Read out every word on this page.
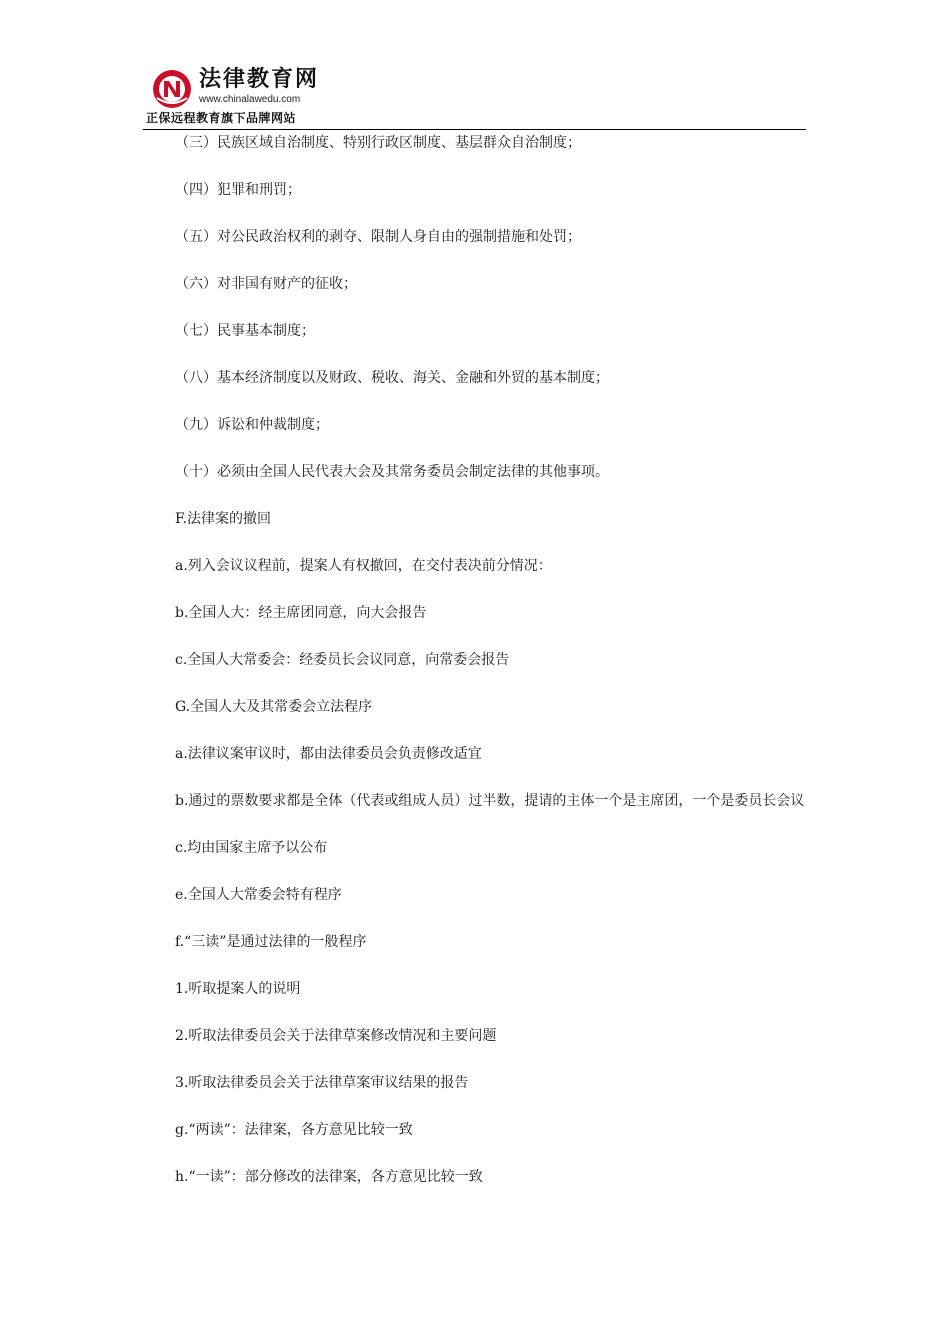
法律教育网
www.chinalawedu.com
正保远程教育旗下品牌网站

（三）民族区域自治制度、特别行政区制度、基层群众自治制度；

（四）犯罪和刑罚；

（五）对公民政治权利的剥夺、限制人身自由的强制措施和处罚；

（六）对非国有财产的征收；

（七）民事基本制度；

（八）基本经济制度以及财政、税收、海关、金融和外贸的基本制度；

（九）诉讼和仲裁制度；

（十）必须由全国人民代表大会及其常务委员会制定法律的其他事项。

F.法律案的撤回

a.列入会议议程前，提案人有权撤回，在交付表决前分情况：

b.全国人大：经主席团同意，向大会报告

c.全国人大常委会：经委员长会议同意，向常委会报告

G.全国人大及其常委会立法程序

a.法律议案审议时，都由法律委员会负责修改适宜

b.通过的票数要求都是全体（代表或组成人员）过半数，提请的主体一个是主席团，一个是委员长会议

c.均由国家主席予以公布

e.全国人大常委会特有程序

f.“三读”是通过法律的一般程序

1.听取提案人的说明

2.听取法律委员会关于法律草案修改情况和主要问题

3.听取法律委员会关于法律草案审议结果的报告

g.“两读”：法律案，各方意见比较一致

h.“一读”：部分修改的法律案，各方意见比较一致
